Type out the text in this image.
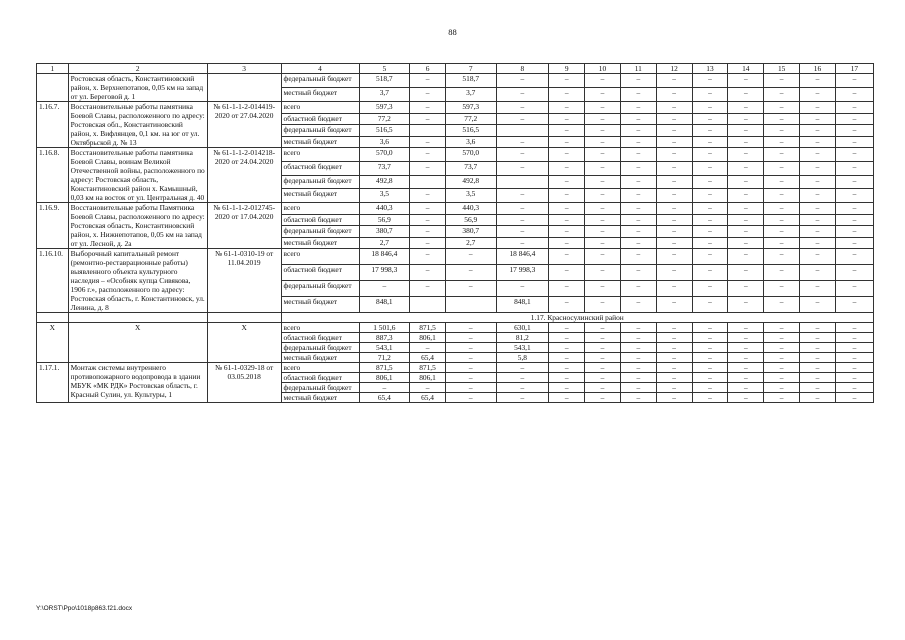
88
1	2	3	4	5	6	7	8	9	10	11	12	13	14	15	16	17
	Ростовская область, Константиновский район, х. Верхнепотапов, 0,05 км на запад от ул. Береговой д. 1		федеральный бюджет	518,7	–	518,7	–	–	–	–	–	–	–	–	–	–
			местный бюджет	3,7	–	3,7	–	–	–	–	–	–	–	–	–	–
1.16.7.	Восстановительные работы памятника Боевой Славы, расположенного по адресу: Ростовская обл., Константиновский район, х. Вифлянцев, 0,1 км. на юг от ул. Октябрьской д. № 13	№ 61-1-1-2-014419-2020 от 27.04.2020	всего	597,3	–	597,3	–	–	–	–	–	–	–	–	–	–
			областной бюджет	77,2	–	77,2	–	–	–	–	–	–	–	–	–	–
			федеральный бюджет	516,5		516,5		–	–	–	–	–	–	–	–	–
			местный бюджет	3,6	–	3,6	–	–	–	–	–	–	–	–	–	–
1.16.8.	Восстановительные работы памятника Боевой Славы, воинам Великой Отечественной войны, расположенного по адресу: Ростовская область, Константиновский район х. Камышный, 0,03 км на восток от ул. Центральная д. 40	№ 61-1-1-2-014218-2020 от 24.04.2020	всего	570,0	–	570,0	–	–	–	–	–	–	–	–	–	–
			областной бюджет	73,7	–	73,7	–	–	–	–	–	–	–	–	–	–
			федеральный бюджет	492,8		492,8		–	–	–	–	–	–	–	–	–
			местный бюджет	3,5	–	3,5	–	–	–	–	–	–	–	–	–	–
1.16.9.	Восстановительные работы Памятника Боевой Славы, расположенного по адресу: Ростовская область, Константиновский район, х. Нижнепотапов, 0,05 км на запад от ул. Лесной, д. 2а	№ 61-1-1-2-012745-2020 от 17.04.2020	всего	440,3	–	440,3	–	–	–	–	–	–	–	–	–	–
			областной бюджет	56,9	–	56,9	–	–	–	–	–	–	–	–	–	–
			федеральный бюджет	380,7	–	380,7	–	–	–	–	–	–	–	–	–	–
			местный бюджет	2,7	–	2,7	–	–	–	–	–	–	–	–	–	–
1.16.10.	Выборочный капитальный ремонт (ремонтно-реставрационные работы) выявленного объекта культурного наследия – «Особняк купца Сивякова, 1906 г.», расположенного по адресу: Ростовская область, г. Константиновск, ул. Ленина, д. 8	№ 61-1-0310-19 от 11.04.2019	всего	18 846,4	–	–	18 846,4	–	–	–	–	–	–	–	–	–
			областной бюджет	17 998,3	–	–	17 998,3	–	–	–	–	–	–	–	–	–
			федеральный бюджет	–	–	–	–	–	–	–	–	–	–	–	–	–
			местный бюджет	848,1			848,1	–	–	–	–	–	–	–	–	–
			1.17. Красносулинский район													
Х	Х	Х	всего	1 501,6	871,5	–	630,1	–	–	–	–	–	–	–	–	–
			областной бюджет	887,3	806,1	–	81,2	–	–	–	–	–	–	–	–	–
			федеральный бюджет	543,1	–	–	543,1	–	–	–	–	–	–	–	–	–
			местный бюджет	71,2	65,4	–	5,8	–	–	–	–	–	–	–	–	–
1.17.1.	Монтаж системы внутреннего противопожарного водопровода в здании МБУК «МК РДК» Ростовская область, г. Красный Сулин, ул. Культуры, 1	№ 61-1-0329-18 от 03.05.2018	всего	871,5	871,5	–	–	–	–	–	–	–	–	–	–	–
			областной бюджет	806,1	806,1	–	–	–	–	–	–	–	–	–	–	–
			федеральный бюджет	–	–	–	–	–	–	–	–	–	–	–	–	–
			местный бюджет	65,4	65,4	–	–	–	–	–	–	–	–	–	–	–
Y:\ORST\Ppo\1018p863.f21.docx
